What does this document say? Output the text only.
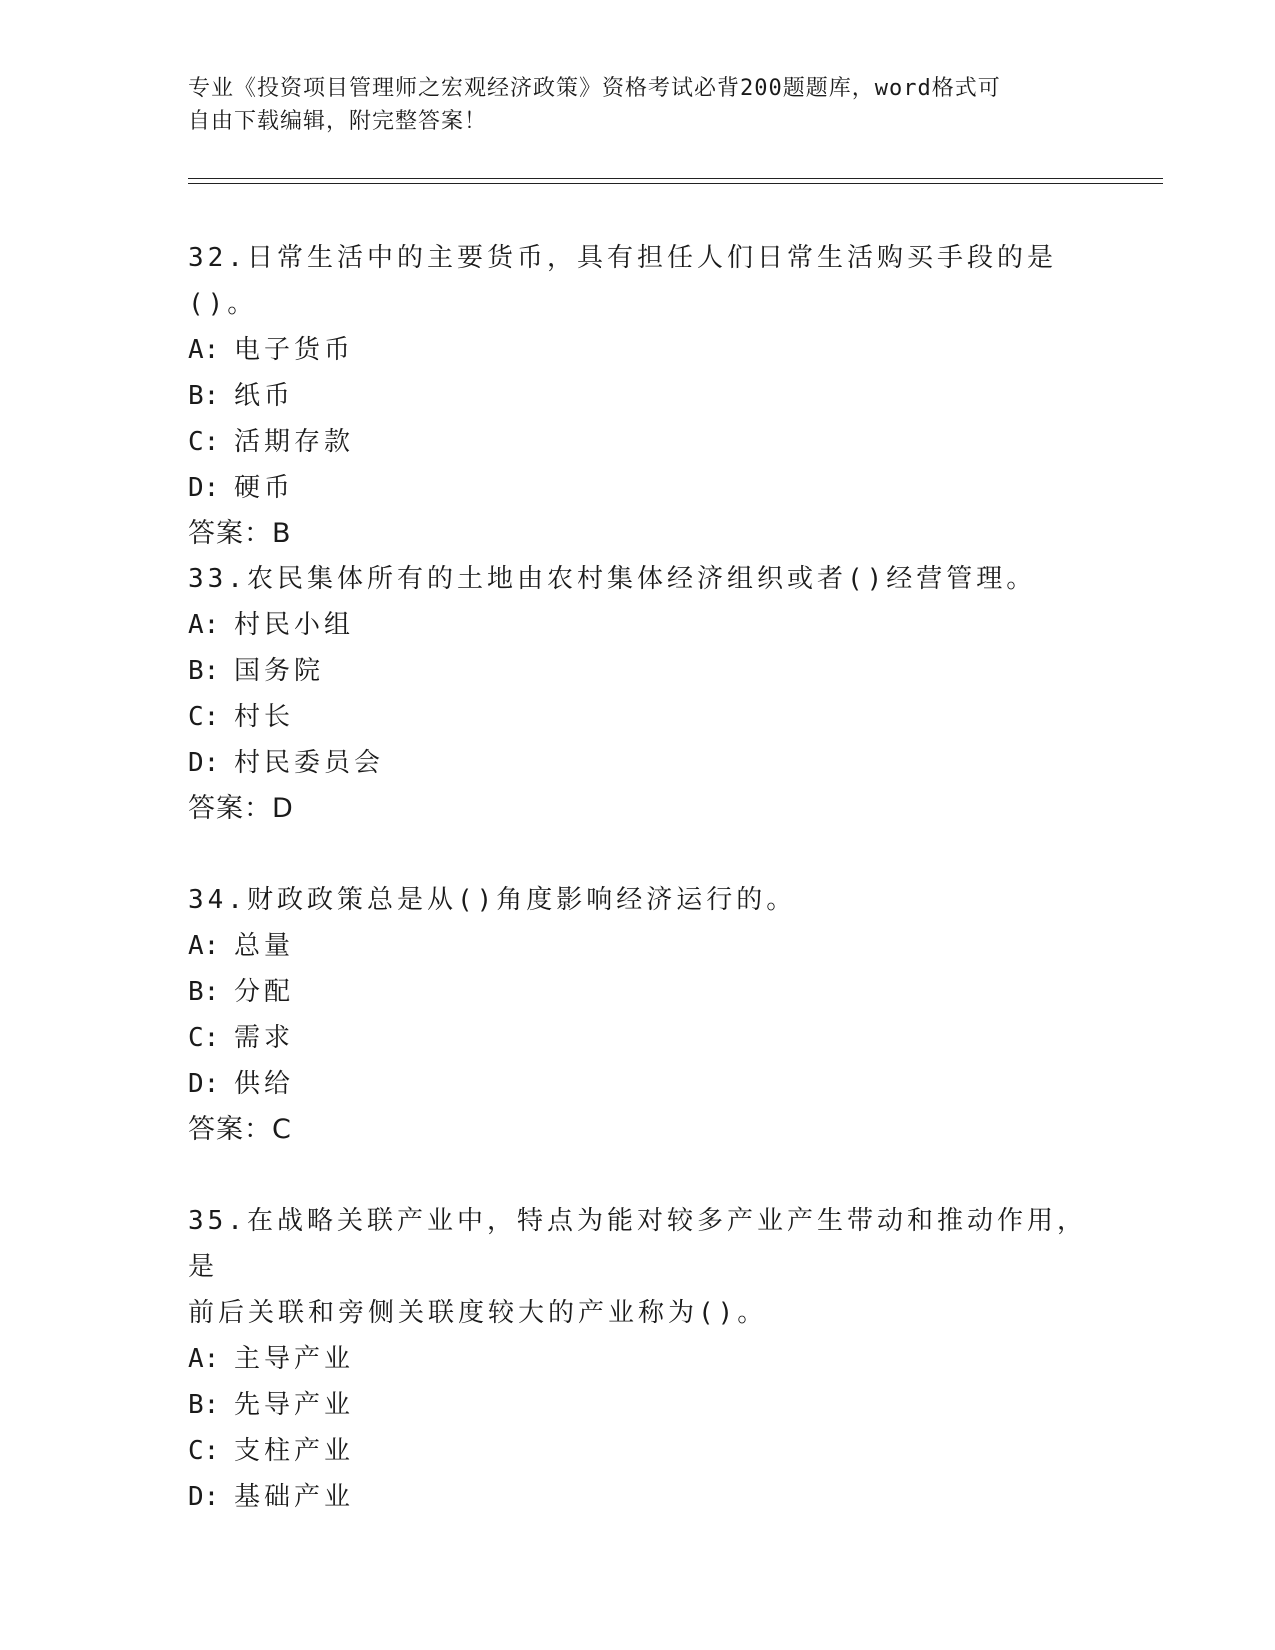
专业《投资项目管理师之宏观经济政策》资格考试必背200题题库，word格式可
自由下载编辑，附完整答案！

32.日常生活中的主要货币，具有担任人们日常生活购买手段的是()。

A: 电子货币

B: 纸币

C: 活期存款

D: 硬币

答案：B

33.农民集体所有的土地由农村集体经济组织或者()经营管理。

A: 村民小组

B: 国务院

C: 村长

D: 村民委员会

答案：D

34.财政政策总是从()角度影响经济运行的。

A: 总量

B: 分配

C: 需求

D: 供给

答案：C

35.在战略关联产业中，特点为能对较多产业产生带动和推动作用，是

前后关联和旁侧关联度较大的产业称为()。

A: 主导产业

B: 先导产业

C: 支柱产业

D: 基础产业
